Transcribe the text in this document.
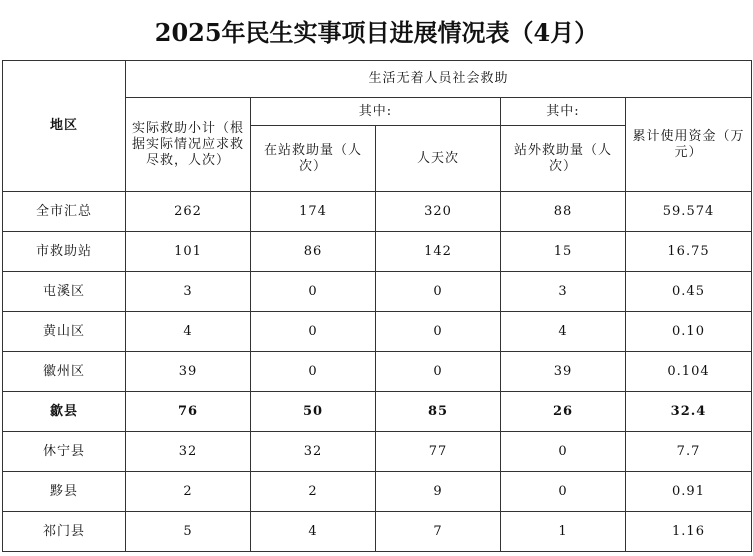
2025年民生实事项目进展情况表（4月）
地区	生活无着人员社会救助				
	实际救助小计（根据实际情况应求救尽救，人次）	其中:		其中:	累计使用资金（万元）
		在站救助量（人次）	人天次	站外救助量（人次）	
全市汇总	262	174	320	88	59.574
市救助站	101	86	142	15	16.75
屯溪区	3	0	0	3	0.45
黄山区	4	0	0	4	0.10
徽州区	39	0	0	39	0.104
歙县	76	50	85	26	32.4
休宁县	32	32	77	0	7.7
黟县	2	2	9	0	0.91
祁门县	5	4	7	1	1.16
